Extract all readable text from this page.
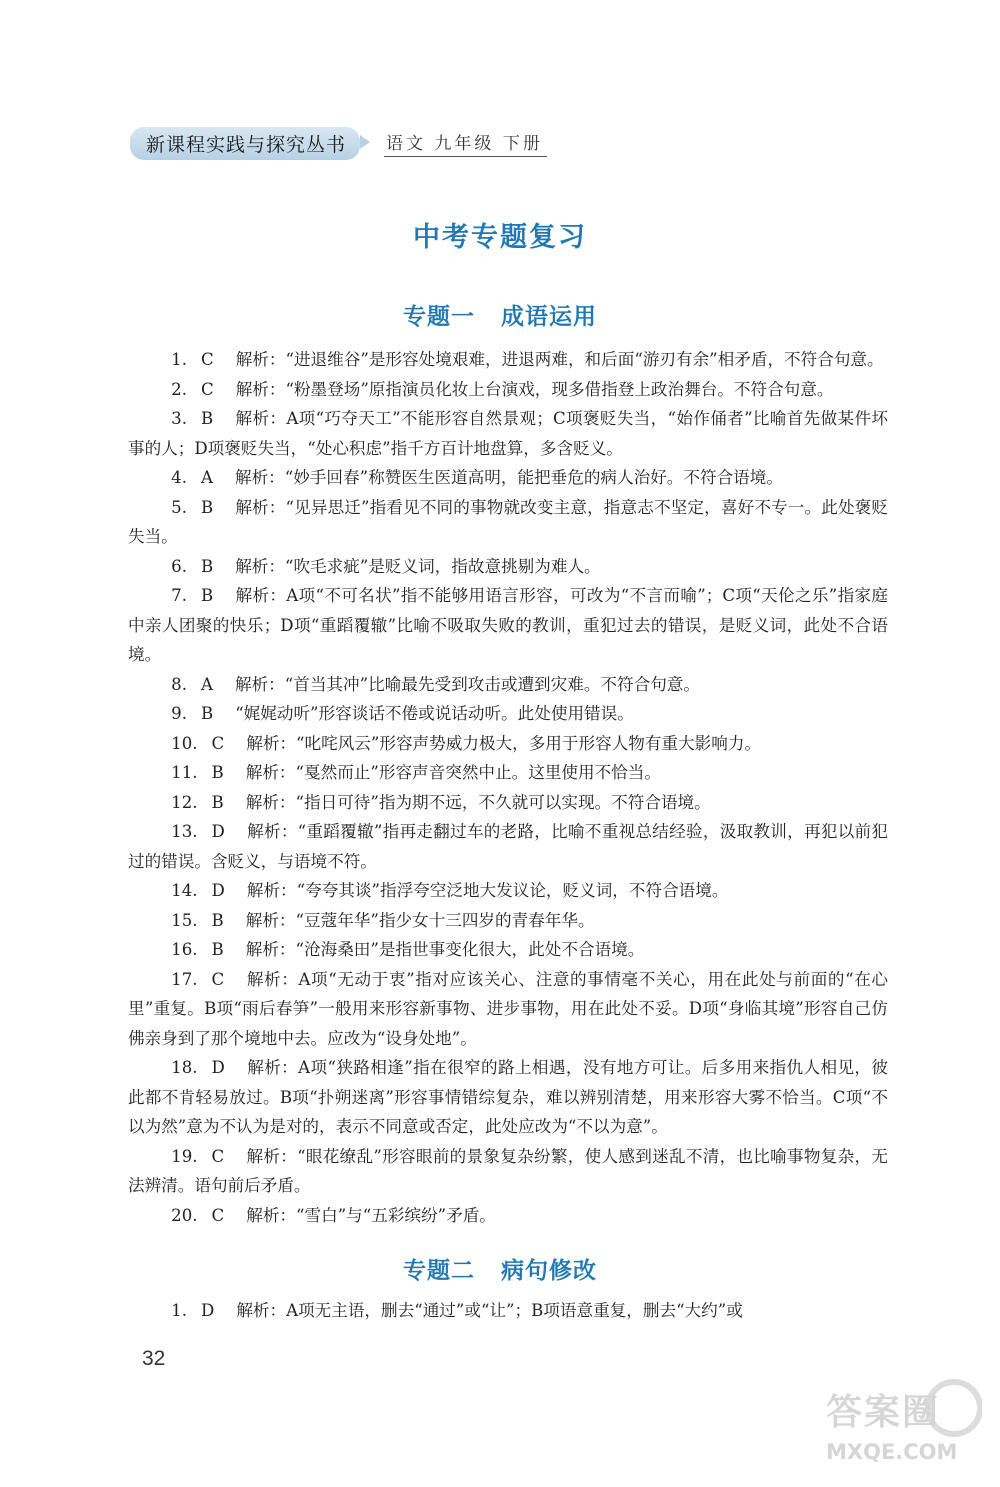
新课程实践与探究丛书	语文 九年级 下册
中考专题复习
专题一 成语运用
1. C 解析：“进退维谷”是形容处境艰难，进退两难，和后面“游刃有余”相矛盾，不符合句意。
2. C 解析：“粉墨登场”原指演员化妆上台演戏，现多借指登上政治舞台。不符合句意。
3. B 解析：A项“巧夺天工”不能形容自然景观；C项褒贬失当，“始作俑者”比喻首先做某件坏事的人；D项褒贬失当，“处心积虑”指千方百计地盘算，多含贬义。
4. A 解析：“妙手回春”称赞医生医道高明，能把垂危的病人治好。不符合语境。
5. B 解析：“见异思迁”指看见不同的事物就改变主意，指意志不坚定，喜好不专一。此处褒贬失当。
6. B 解析：“吹毛求疵”是贬义词，指故意挑剔为难人。
7. B 解析：A项“不可名状”指不能够用语言形容，可改为“不言而喻”；C项“天伦之乐”指家庭中亲人团聚的快乐；D项“重蹈覆辙”比喻不吸取失败的教训，重犯过去的错误，是贬义词，此处不合语境。
8. A 解析：“首当其冲”比喻最先受到攻击或遭到灾难。不符合句意。
9. B “娓娓动听”形容谈话不倦或说话动听。此处使用错误。
10. C 解析：“叱咤风云”形容声势威力极大，多用于形容人物有重大影响力。
11. B 解析：“戛然而止”形容声音突然中止。这里使用不恰当。
12. B 解析：“指日可待”指为期不远，不久就可以实现。不符合语境。
13. D 解析：“重蹈覆辙”指再走翻过车的老路，比喻不重视总结经验，汲取教训，再犯以前犯过的错误。含贬义，与语境不符。
14. D 解析：“夸夸其谈”指浮夸空泛地大发议论，贬义词，不符合语境。
15. B 解析：“豆蔻年华”指少女十三四岁的青春年华。
16. B 解析：“沧海桑田”是指世事变化很大，此处不合语境。
17. C 解析：A项“无动于衷”指对应该关心、注意的事情毫不关心，用在此处与前面的“在心里”重复。B项“雨后春笋”一般用来形容新事物、进步事物，用在此处不妥。D项“身临其境”形容自己仿佛亲身到了那个境地中去。应改为“设身处地”。
18. D 解析：A项“狭路相逢”指在很窄的路上相遇，没有地方可让。后多用来指仇人相见，彼此都不肯轻易放过。B项“扑朔迷离”形容事情错综复杂，难以辨别清楚，用来形容大雾不恰当。C项“不以为然”意为不认为是对的，表示不同意或否定，此处应改为“不以为意”。
19. C 解析：“眼花缭乱”形容眼前的景象复杂纷繁，使人感到迷乱不清，也比喻事物复杂，无法辨清。语句前后矛盾。
20. C 解析：“雪白”与“五彩缤纷”矛盾。
专题二 病句修改
1. D 解析：A项无主语，删去“通过”或“让”；B项语意重复，删去“大约”或
32
答案圈
MXQE.COM
